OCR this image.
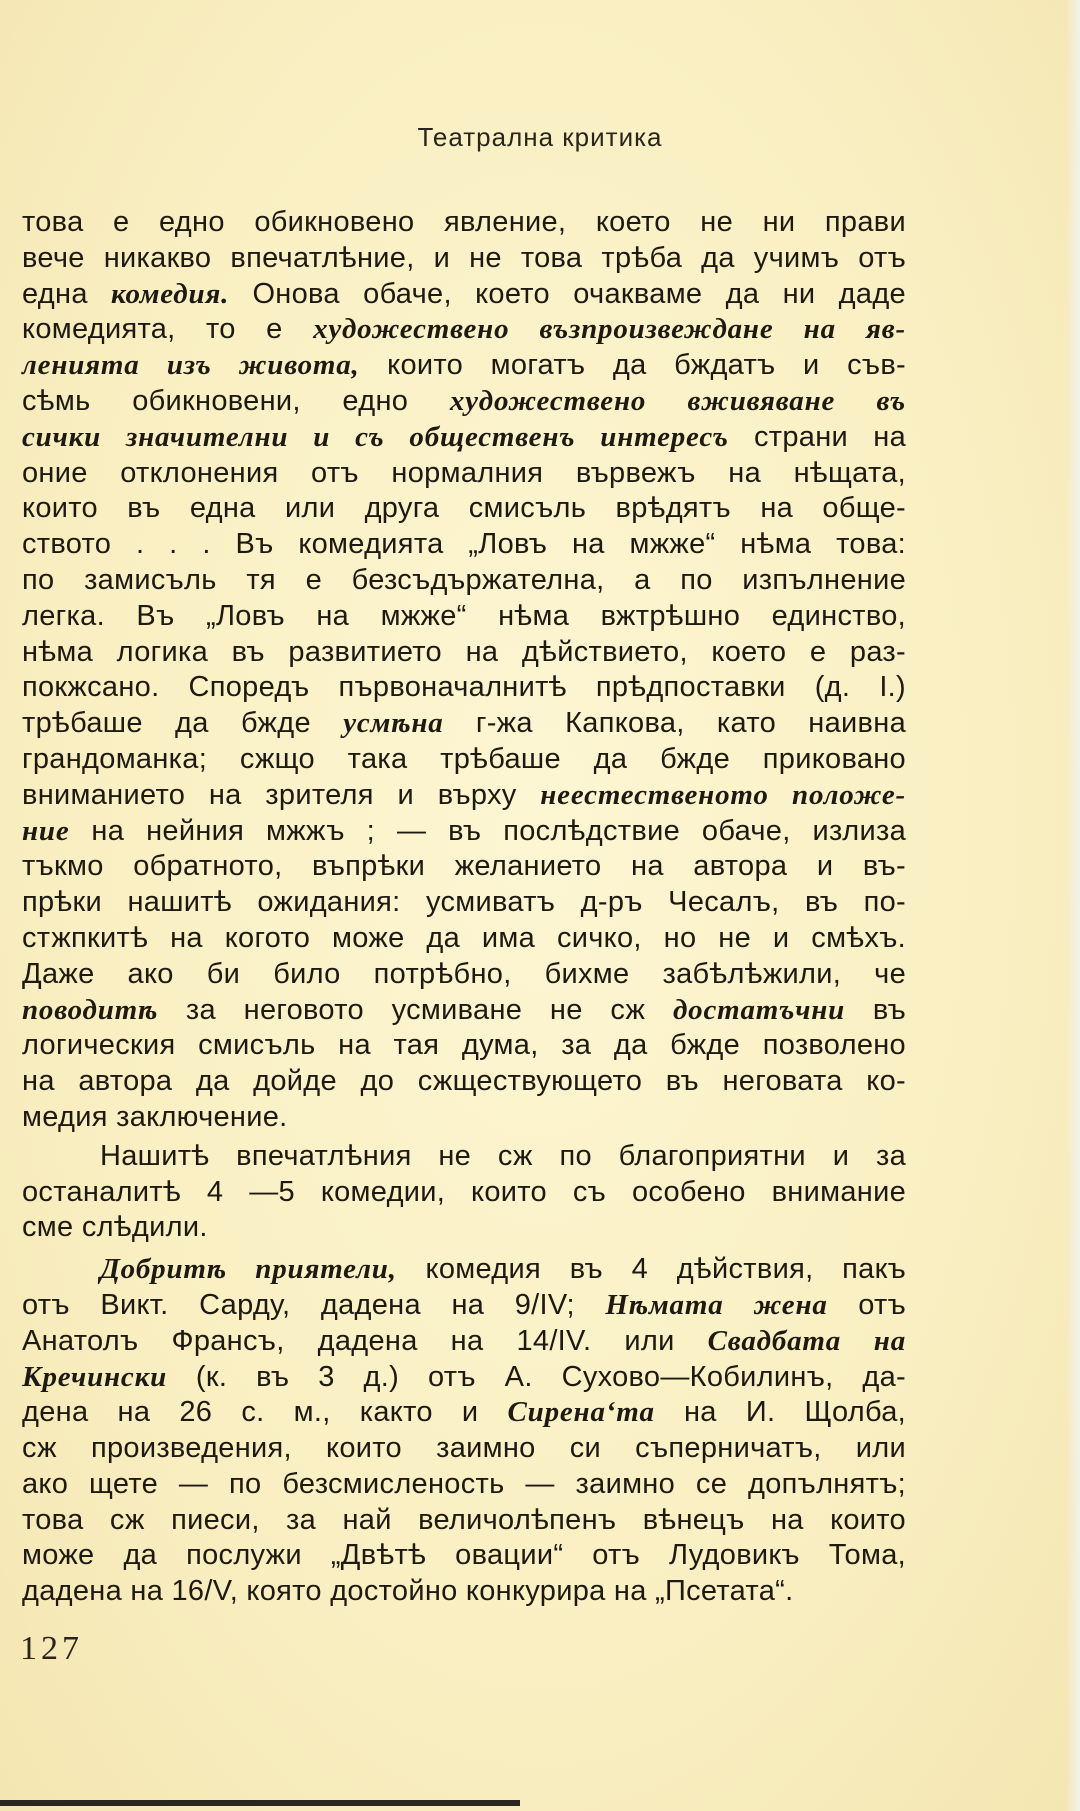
Театрална критика
това е едно обикновено явление, което не ни прави
вече никакво впечатлѣние, и не това трѣба да учимъ отъ
една комедия. Онова обаче, което очакваме да ни даде
комедията, то е художествено възпроизвеждане на яв-
ленията изъ живота, които могатъ да бждатъ и съв-
сѣмь обикновени, едно художествено вживяване въ
сички значителни и съ общественъ интересъ страни на
оние отклонения отъ нормалния вървежъ на нѣщата,
които въ една или друга смисъль врѣдятъ на обще-
ството . . . Въ комедията „Ловъ на мжже“ нѣма това:
по замисъль тя е безсъдържателна, а по изпълнение
легка. Въ „Ловъ на мжже“ нѣма вжтрѣшно единство,
нѣма логика въ развитието на дѣйствието, което е раз-
покжсано. Споредъ първоначалнитѣ прѣдпоставки (д. I.)
трѣбаше да бжде усмѣна г-жа Капкова, като наивна
грандоманка; сжщо така трѣбаше да бжде приковано
вниманието на зрителя и върху неестественото положе-
ние на нейния мжжъ ; — въ послѣдствие обаче, излиза
тъкмо обратното, въпрѣки желанието на автора и въ-
прѣки нашитѣ ожидания: усмиватъ д-ръ Чесалъ, въ по-
стжпкитѣ на когото може да има сичко, но не и смѣхъ.
Даже ако би било потрѣбно, бихме забѣлѣжили, че
поводитѣ за неговото усмиване не сж достатъчни въ
логическия смисъль на тая дума, за да бжде позволено
на автора да дойде до сжществующето въ неговата ко-
медия заключение.
Нашитѣ впечатлѣния не сж по благоприятни и за
останалитѣ 4 —5 комедии, които съ особено внимание
сме слѣдили.
Добритѣ приятели, комедия въ 4 дѣйствия, пакъ
отъ Викт. Сарду, дадена на 9/IV; Нѣмата жена отъ
Анатолъ Франсъ, дадена на 14/IV. или Свадбата на
Кречински (к. въ 3 д.) отъ А. Сухово—Кобилинъ, да-
дена на 26 с. м., както и Сирена‘та на И. Щолба,
сж произведения, които заимно си съперничатъ, или
ако щете — по безсмисленость — заимно се допълнятъ;
това сж пиеси, за най величолѣпенъ вѣнецъ на които
може да послужи „Двѣтѣ овации“ отъ Лудовикъ Тома,
дадена на 16/V, която достойно конкурира на „Псетата“.
127
